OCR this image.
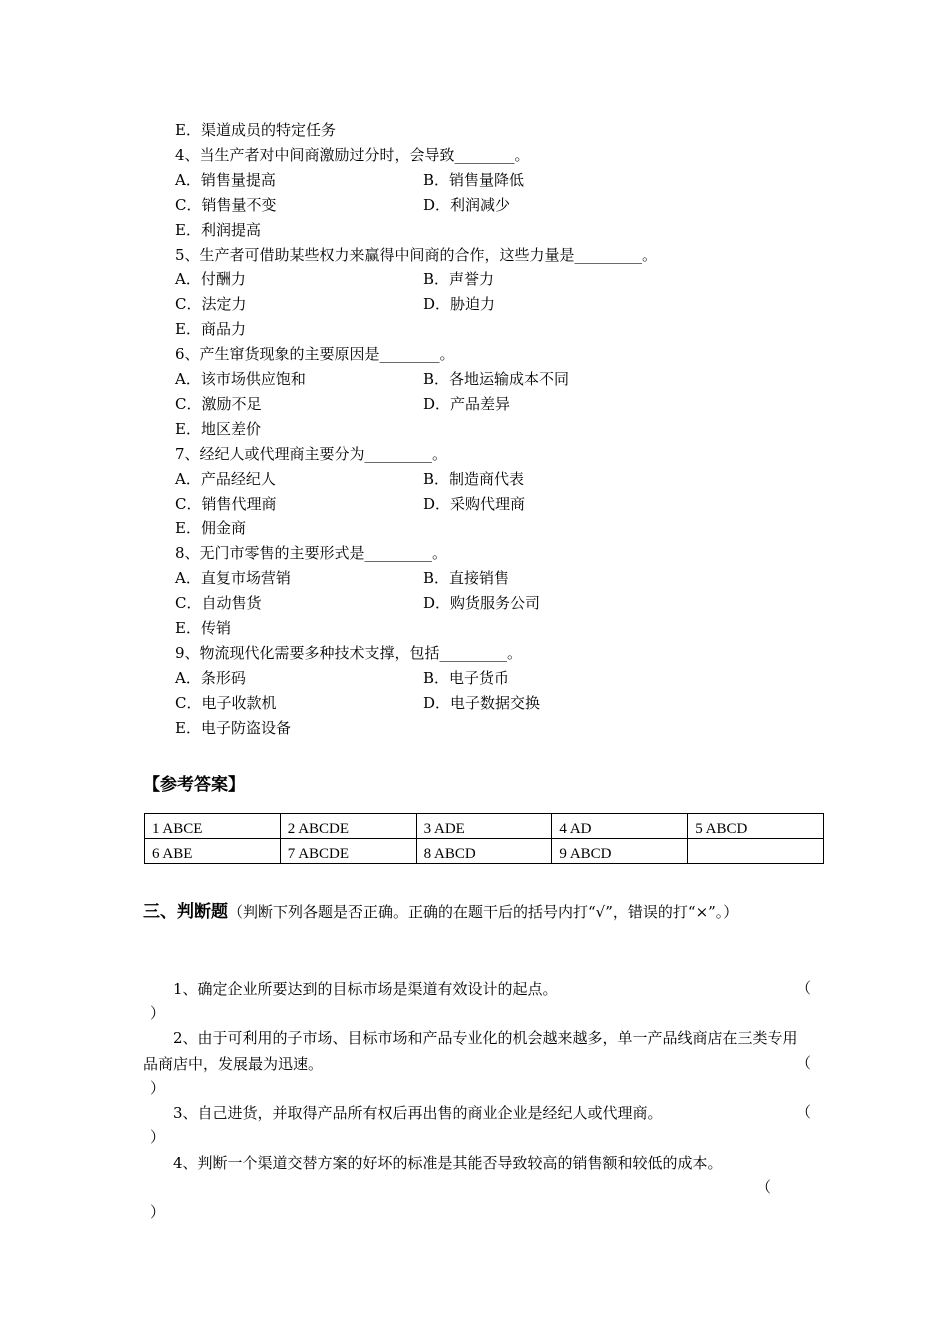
E．渠道成员的特定任务
4、当生产者对中间商激励过分时，会导致________。
A．销售量提高	B．销售量降低
C．销售量不变	D．利润减少
E．利润提高
5、生产者可借助某些权力来赢得中间商的合作，这些力量是_________。
A．付酬力	B．声誉力
C．法定力	D．胁迫力
E．商品力
6、产生窜货现象的主要原因是________。
A．该市场供应饱和	B．各地运输成本不同
C．激励不足	D．产品差异
E．地区差价
7、经纪人或代理商主要分为_________。
A．产品经纪人	B．制造商代表
C．销售代理商	D．采购代理商
E．佣金商
8、无门市零售的主要形式是_________。
A．直复市场营销	B．直接销售
C．自动售货	D．购货服务公司
E．传销
9、物流现代化需要多种技术支撑，包括_________。
A．条形码	B．电子货币
C．电子收款机	D．电子数据交换
E．电子防盗设备
【参考答案】
1 ABCE	2 ABCDE	3 ADE	4 AD	5 ABCD
6 ABE	7 ABCDE	8 ABCD	9 ABCD	
三、判断题（判断下列各题是否正确。正确的在题干后的括号内打“√”，错误的打“×”。）
　　1、确定企业所要达到的目标市场是渠道有效设计的起点。	（
）
　　2、由于可利用的子市场、目标市场和产品专业化的机会越来越多，单一产品线商店在三类专用品商店中，发展最为迅速。	（
）
　　3、自己进货，并取得产品所有权后再出售的商业企业是经纪人或代理商。	（
）
　　4、判断一个渠道交替方案的好坏的标准是其能否导致较高的销售额和较低的成本。
（
）
